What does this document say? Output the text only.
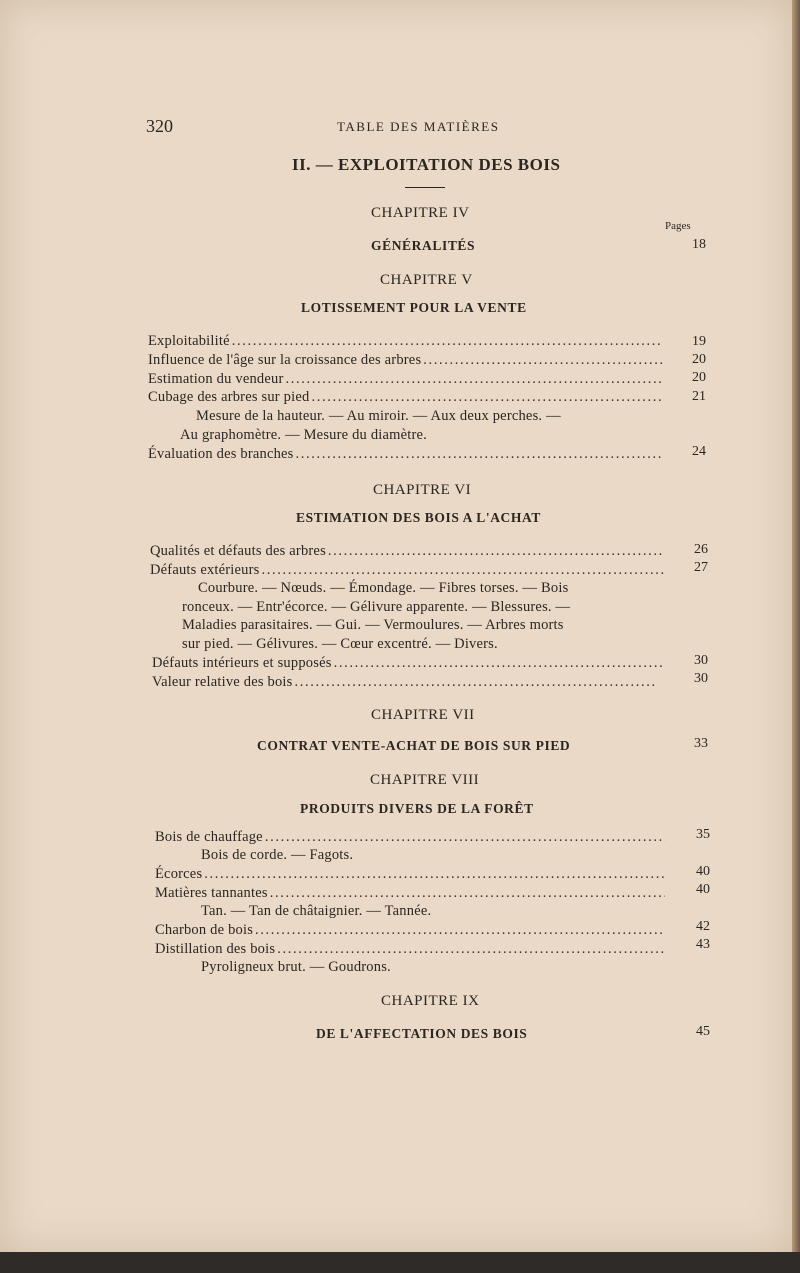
320	TABLE DES MATIÈRES
II. — EXPLOITATION DES BOIS
CHAPITRE IV
Pages
GÉNÉRALITÉS	18
CHAPITRE V
LOTISSEMENT POUR LA VENTE
Exploitabilité . . .	19
Influence de l'âge sur la croissance des arbres . . .	20
Estimation du vendeur . . .	20
Cubage des arbres sur pied . . .	21
Mesure de la hauteur. — Au miroir. — Aux deux perches. —
Au graphomètre. — Mesure du diamètre.
Évaluation des branches . . .	24
CHAPITRE VI
ESTIMATION DES BOIS A L'ACHAT
Qualités et défauts des arbres . . .	26
Défauts extérieurs . . .	27
Courbure. — Nœuds. — Émondage. — Fibres torses. — Bois
ronceux. — Entr'écorce. — Gélivure apparente. — Blessures. —
Maladies parasitaires. — Gui. — Vermoulures. — Arbres morts
sur pied. — Gélivures. — Cœur excentré. — Divers.
Défauts intérieurs et supposés . . .	30
Valeur relative des bois . . .	30
CHAPITRE VII
CONTRAT VENTE-ACHAT DE BOIS SUR PIED	33
CHAPITRE VIII
PRODUITS DIVERS DE LA FORÊT
Bois de chauffage . . .	35
Bois de corde. — Fagots.
Écorces . . .	40
Matières tannantes . . .	40
Tan. — Tan de châtaignier. — Tannée.
Charbon de bois . . .	42
Distillation des bois . . .	43
Pyroligneux brut. — Goudrons.
CHAPITRE IX
DE L'AFFECTATION DES BOIS	45
